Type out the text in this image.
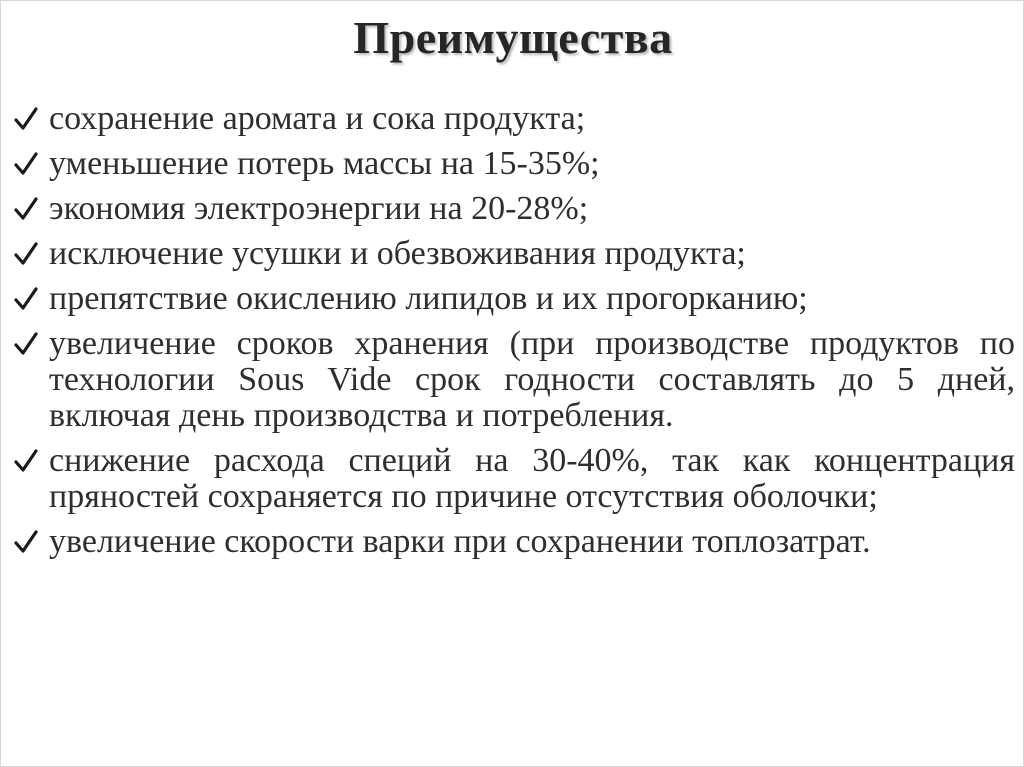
Преимущества
сохранение аромата и сока продукта;
уменьшение потерь массы на 15-35%;
экономия электроэнергии на 20-28%;
исключение усушки и обезвоживания продукта;
препятствие окислению липидов и их прогорканию;
увеличение сроков хранения (при производстве продуктов по технологии Sous Vide срок годности составлять до 5 дней, включая день производства и потребления.
снижение расхода специй на 30-40%, так как концентрация пряностей сохраняется по причине отсутствия оболочки;
увеличение скорости варки при сохранении топлозатрат.
